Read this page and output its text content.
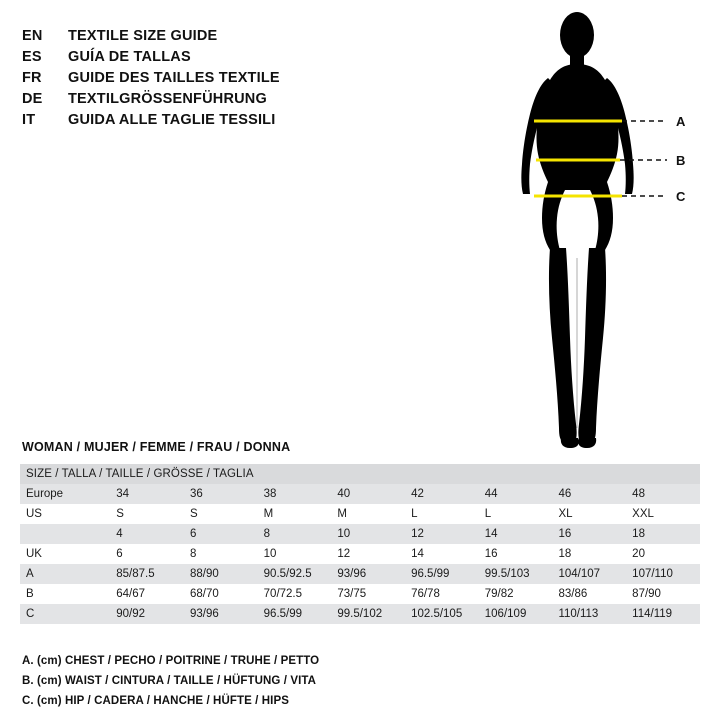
EN	TEXTILE SIZE GUIDE
ES	GUÍA DE TALLAS
FR	GUIDE DES TAILLES TEXTILE
DE	TEXTILGRÖSSENFÜHRUNG
IT	GUIDA ALLE TAGLIE TESSILI	A
B
C
WOMAN / MUJER / FEMME / FRAU / DONNA
SIZE / TALLA / TAILLE / GRÖSSE / TAGLIA								
Europe	34	36	38	40	42	44	46	48
US	S	S	M	M	L	L	XL	XXL
	4	6	8	10	12	14	16	18
UK	6	8	10	12	14	16	18	20
A	85/87.5	88/90	90.5/92.5	93/96	96.5/99	99.5/103	104/107	107/110
B	64/67	68/70	70/72.5	73/75	76/78	79/82	83/86	87/90
C	90/92	93/96	96.5/99	99.5/102	102.5/105	106/109	110/113	114/119
A. (cm) CHEST / PECHO / POITRINE / TRUHE / PETTO
B. (cm) WAIST / CINTURA / TAILLE / HÜFTUNG / VITA
C. (cm) HIP / CADERA / HANCHE / HÜFTE / HIPS
